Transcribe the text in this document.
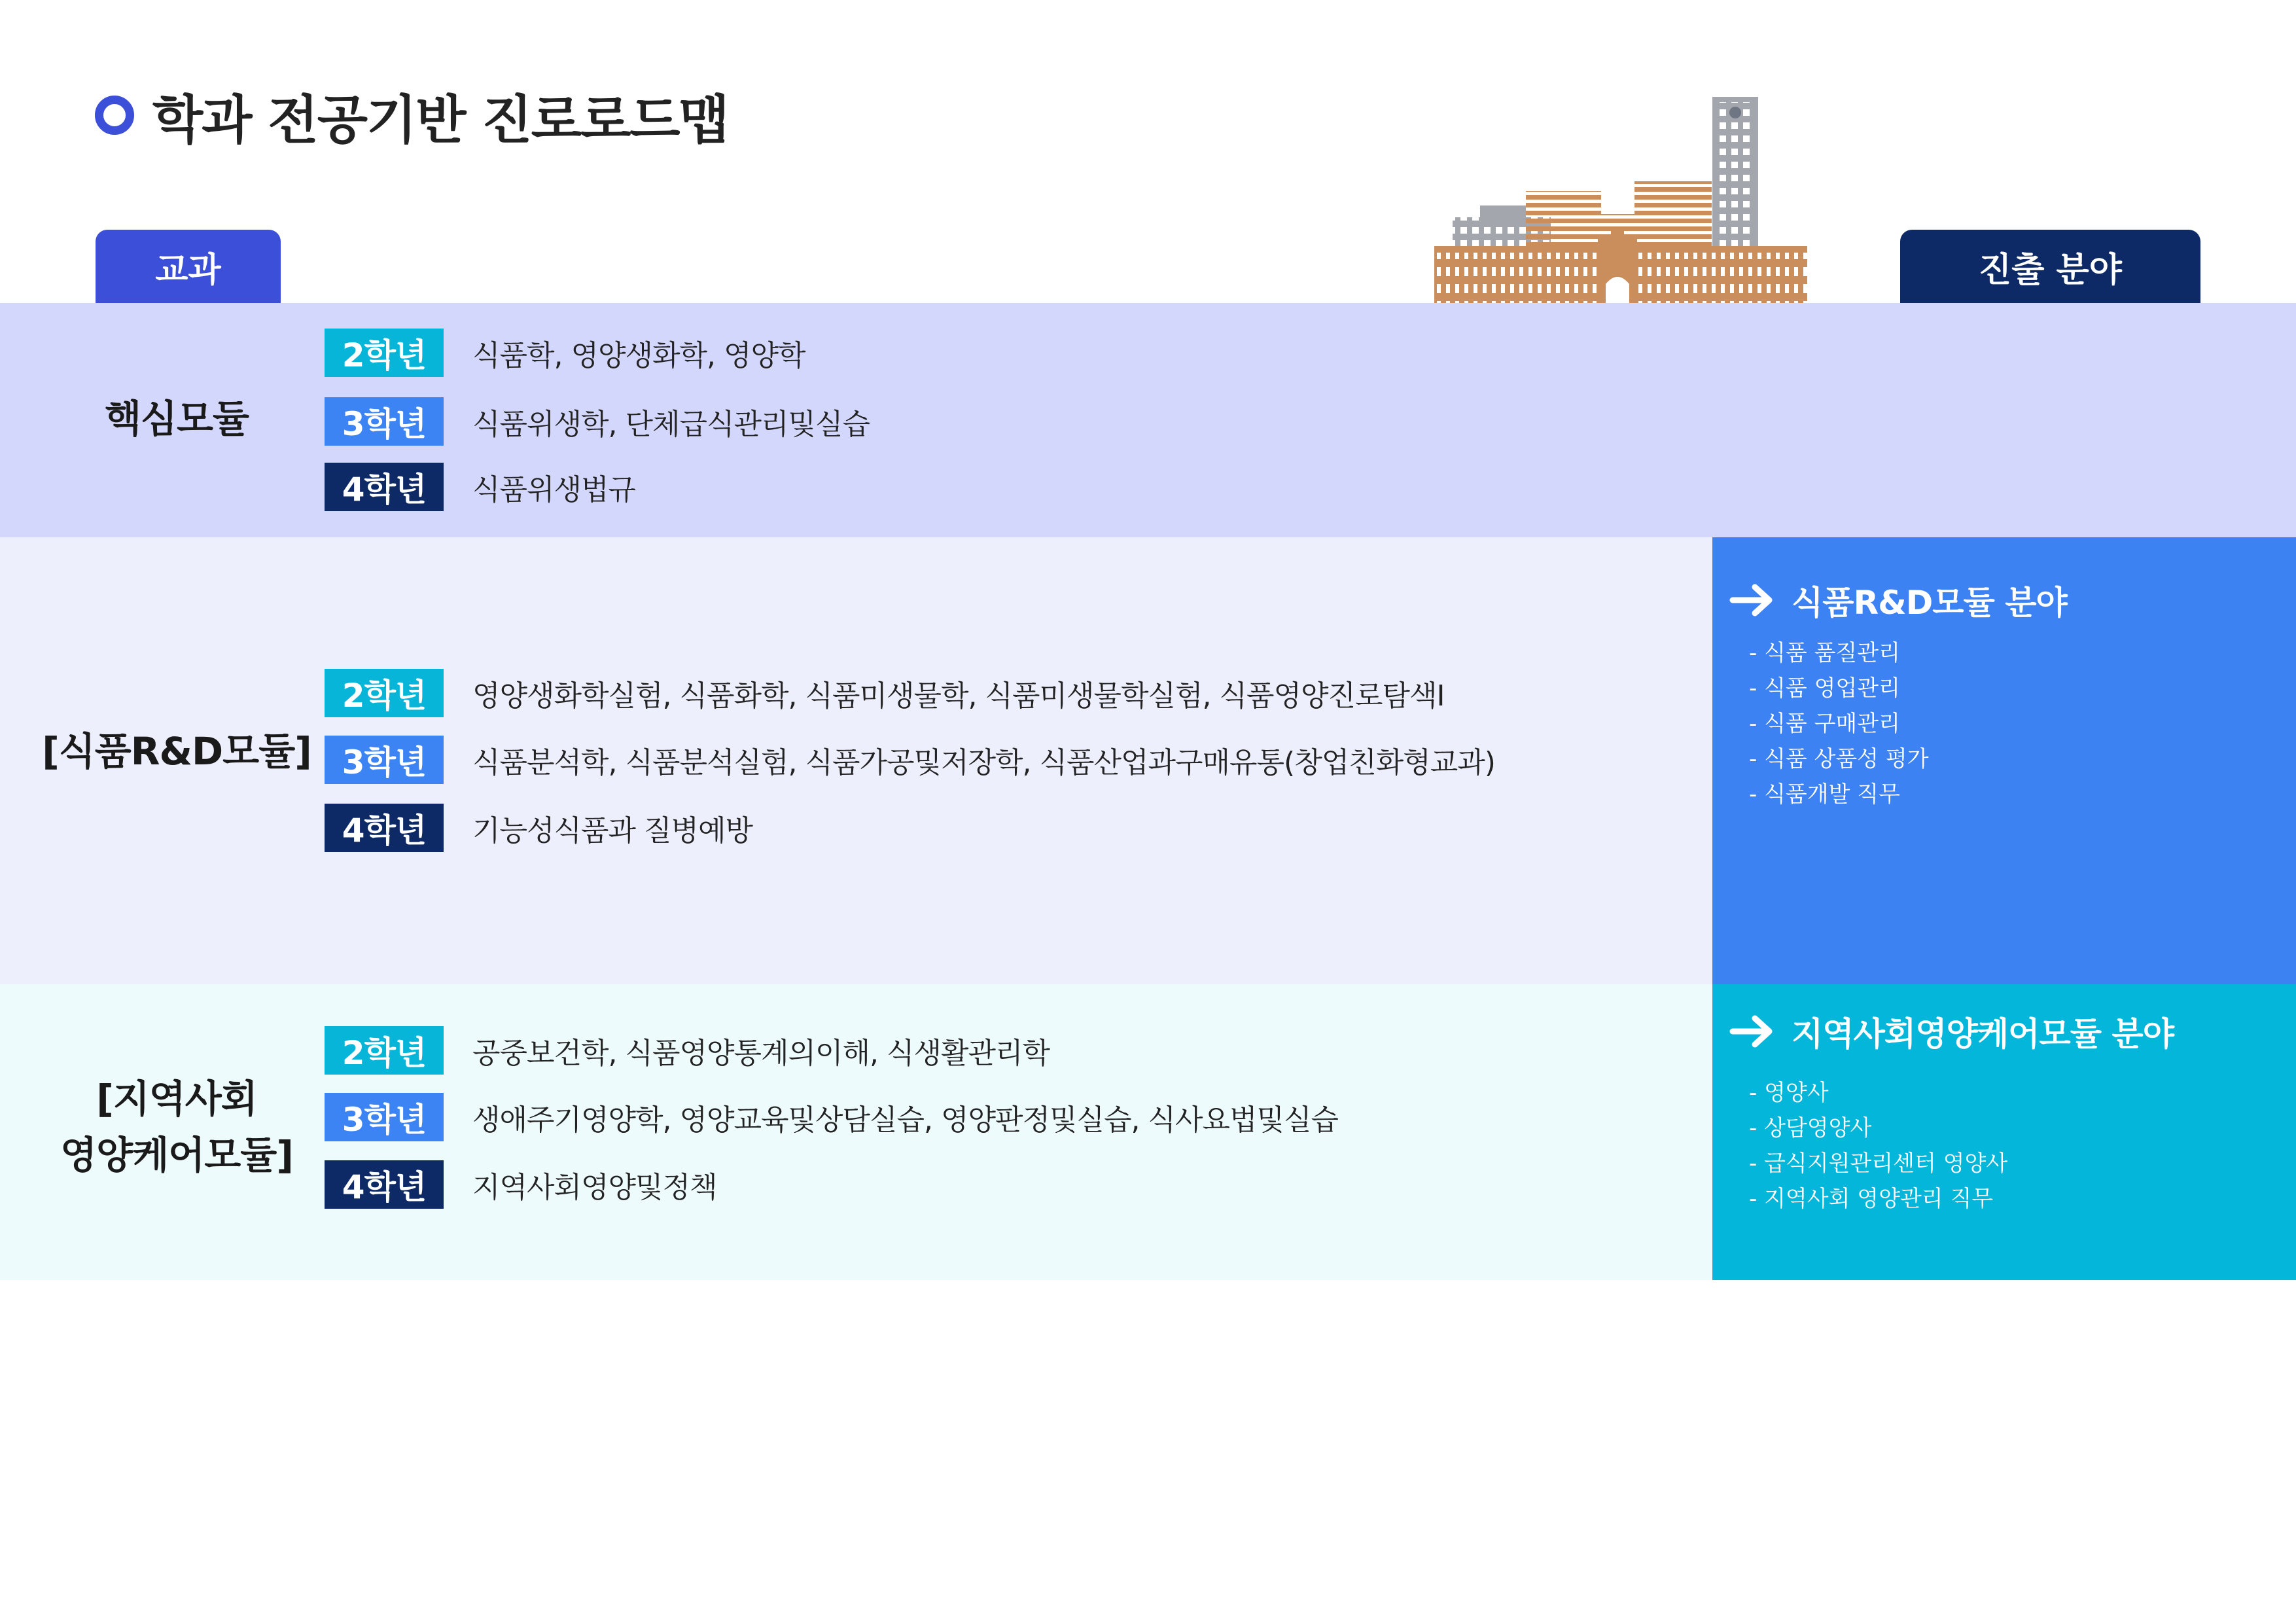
학과 전공기반 진로로드맵
교과	진출 분야
핵심모듈
[식품R&D모듈]
[지역사회
영양케어모듈]
2학년	식품학, 영양생화학, 영양학
3학년	식품위생학, 단체급식관리및실습
4학년	식품위생법규
2학년	영양생화학실험, 식품화학, 식품미생물학, 식품미생물학실험, 식품영양진로탐색I
3학년	식품분석학, 식품분석실험, 식품가공및저장학, 식품산업과구매유통(창업친화형교과)
4학년	기능성식품과 질병예방
2학년	공중보건학, 식품영양통계의이해, 식생활관리학
3학년	생애주기영양학, 영양교육및상담실습, 영양판정및실습, 식사요법및실습
4학년	지역사회영양및정책
식품R&D모듈 분야
- 식품 품질관리
- 식품 영업관리
- 식품 구매관리
- 식품 상품성 평가
- 식품개발 직무
지역사회영양케어모듈 분야
- 영양사
- 상담영양사
- 급식지원관리센터 영양사
- 지역사회 영양관리 직무
